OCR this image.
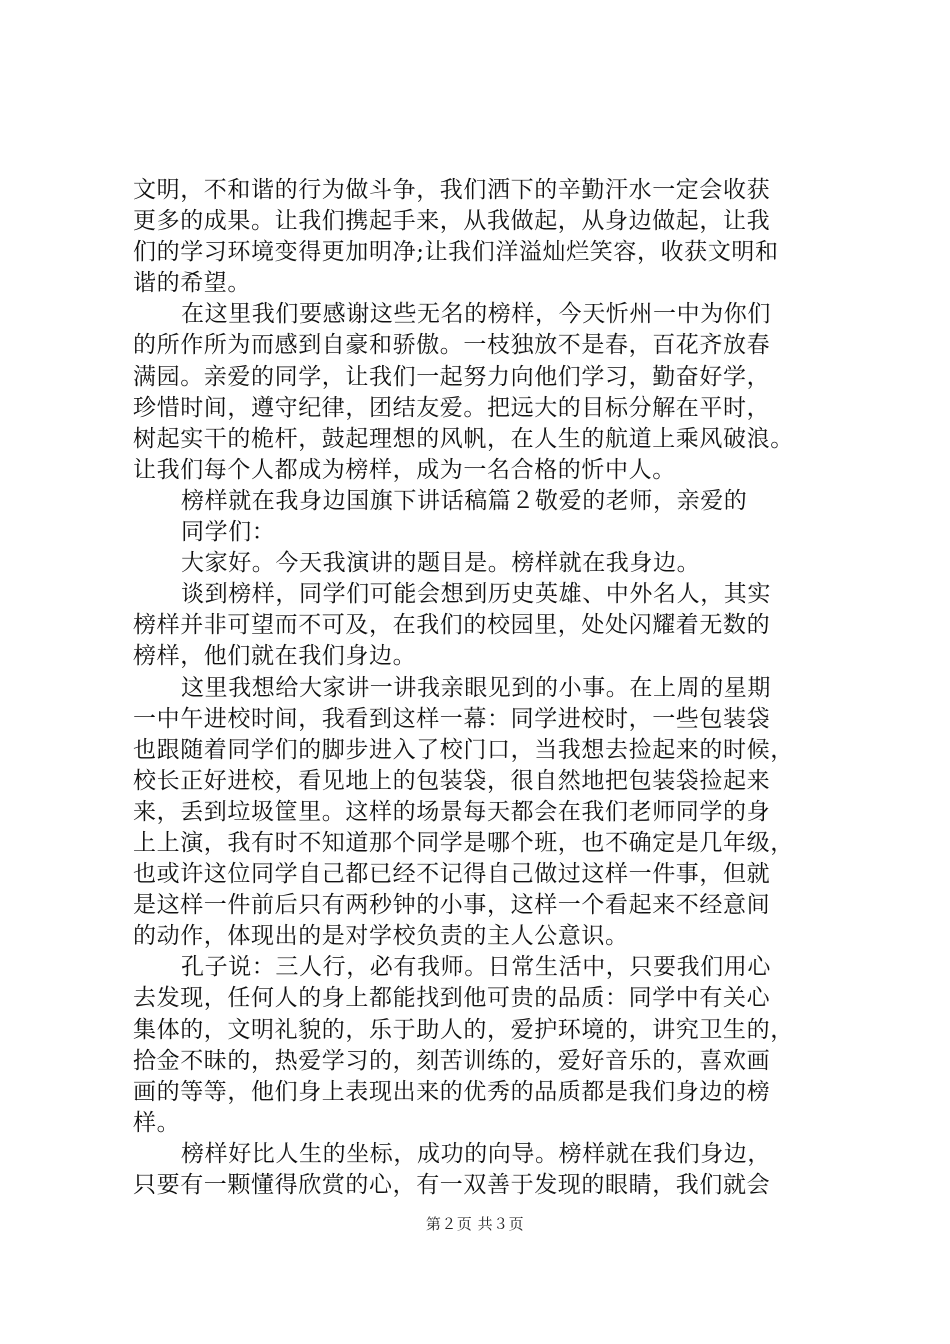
文明，不和谐的行为做斗争，我们洒下的辛勤汗水一定会收获
更多的成果。让我们携起手来，从我做起，从身边做起，让我
们的学习环境变得更加明净;让我们洋溢灿烂笑容，收获文明和
谐的希望。
在这里我们要感谢这些无名的榜样，今天忻州一中为你们
的所作所为而感到自豪和骄傲。一枝独放不是春，百花齐放春
满园。亲爱的同学，让我们一起努力向他们学习，勤奋好学，
珍惜时间，遵守纪律，团结友爱。把远大的目标分解在平时，
树起实干的桅杆，鼓起理想的风帆，在人生的航道上乘风破浪。
让我们每个人都成为榜样，成为一名合格的忻中人。
榜样就在我身边国旗下讲话稿篇２敬爱的老师，亲爱的
同学们：
大家好。今天我演讲的题目是。榜样就在我身边。
谈到榜样，同学们可能会想到历史英雄、中外名人，其实
榜样并非可望而不可及，在我们的校园里，处处闪耀着无数的
榜样，他们就在我们身边。
这里我想给大家讲一讲我亲眼见到的小事。在上周的星期
一中午进校时间，我看到这样一幕：同学进校时，一些包装袋
也跟随着同学们的脚步进入了校门口，当我想去捡起来的时候，
校长正好进校，看见地上的包装袋，很自然地把包装袋捡起来
来，丢到垃圾筐里。这样的场景每天都会在我们老师同学的身
上上演，我有时不知道那个同学是哪个班，也不确定是几年级，
也或许这位同学自己都已经不记得自己做过这样一件事，但就
是这样一件前后只有两秒钟的小事，这样一个看起来不经意间
的动作，体现出的是对学校负责的主人公意识。
孔子说：三人行，必有我师。日常生活中，只要我们用心
去发现，任何人的身上都能找到他可贵的品质：同学中有关心
集体的，文明礼貌的，乐于助人的，爱护环境的，讲究卫生的，
拾金不昧的，热爱学习的，刻苦训练的，爱好音乐的，喜欢画
画的等等，他们身上表现出来的优秀的品质都是我们身边的榜
样。
榜样好比人生的坐标，成功的向导。榜样就在我们身边，
只要有一颗懂得欣赏的心，有一双善于发现的眼睛，我们就会
第２页 共３页
